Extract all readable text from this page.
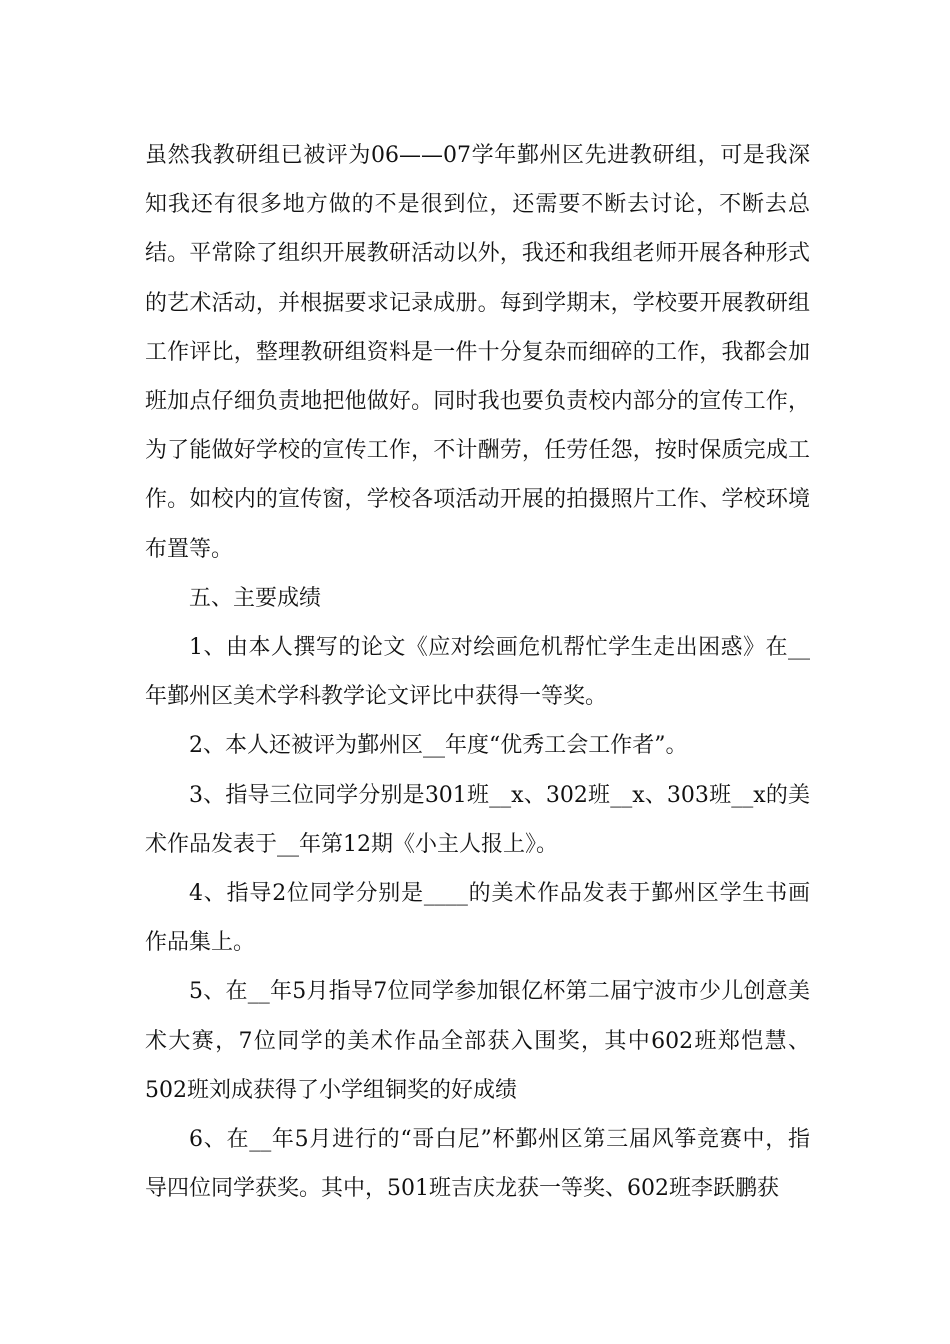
虽然我教研组已被评为06——07学年鄞州区先进教研组，可是我深知我还有很多地方做的不是很到位，还需要不断去讨论，不断去总结。平常除了组织开展教研活动以外，我还和我组老师开展各种形式的艺术活动，并根据要求记录成册。每到学期末，学校要开展教研组工作评比，整理教研组资料是一件十分复杂而细碎的工作，我都会加班加点仔细负责地把他做好。同时我也要负责校内部分的宣传工作，为了能做好学校的宣传工作，不计酬劳，任劳任怨，按时保质完成工作。如校内的宣传窗，学校各项活动开展的拍摄照片工作、学校环境布置等。

五、主要成绩

1、由本人撰写的论文《应对绘画危机帮忙学生走出困惑》在__年鄞州区美术学科教学论文评比中获得一等奖。

2、本人还被评为鄞州区__年度“优秀工会工作者”。

3、指导三位同学分别是301班__x、302班__x、303班__x的美术作品发表于__年第12期《小主人报上》。

4、指导2位同学分别是____的美术作品发表于鄞州区学生书画作品集上。

5、在__年5月指导7位同学参加银亿杯第二届宁波市少儿创意美术大赛，7位同学的美术作品全部获入围奖，其中602班郑恺慧、502班刘成获得了小学组铜奖的好成绩

6、在__年5月进行的“哥白尼”杯鄞州区第三届风筝竞赛中，指导四位同学获奖。其中，501班吉庆龙获一等奖、602班李跃鹏获
